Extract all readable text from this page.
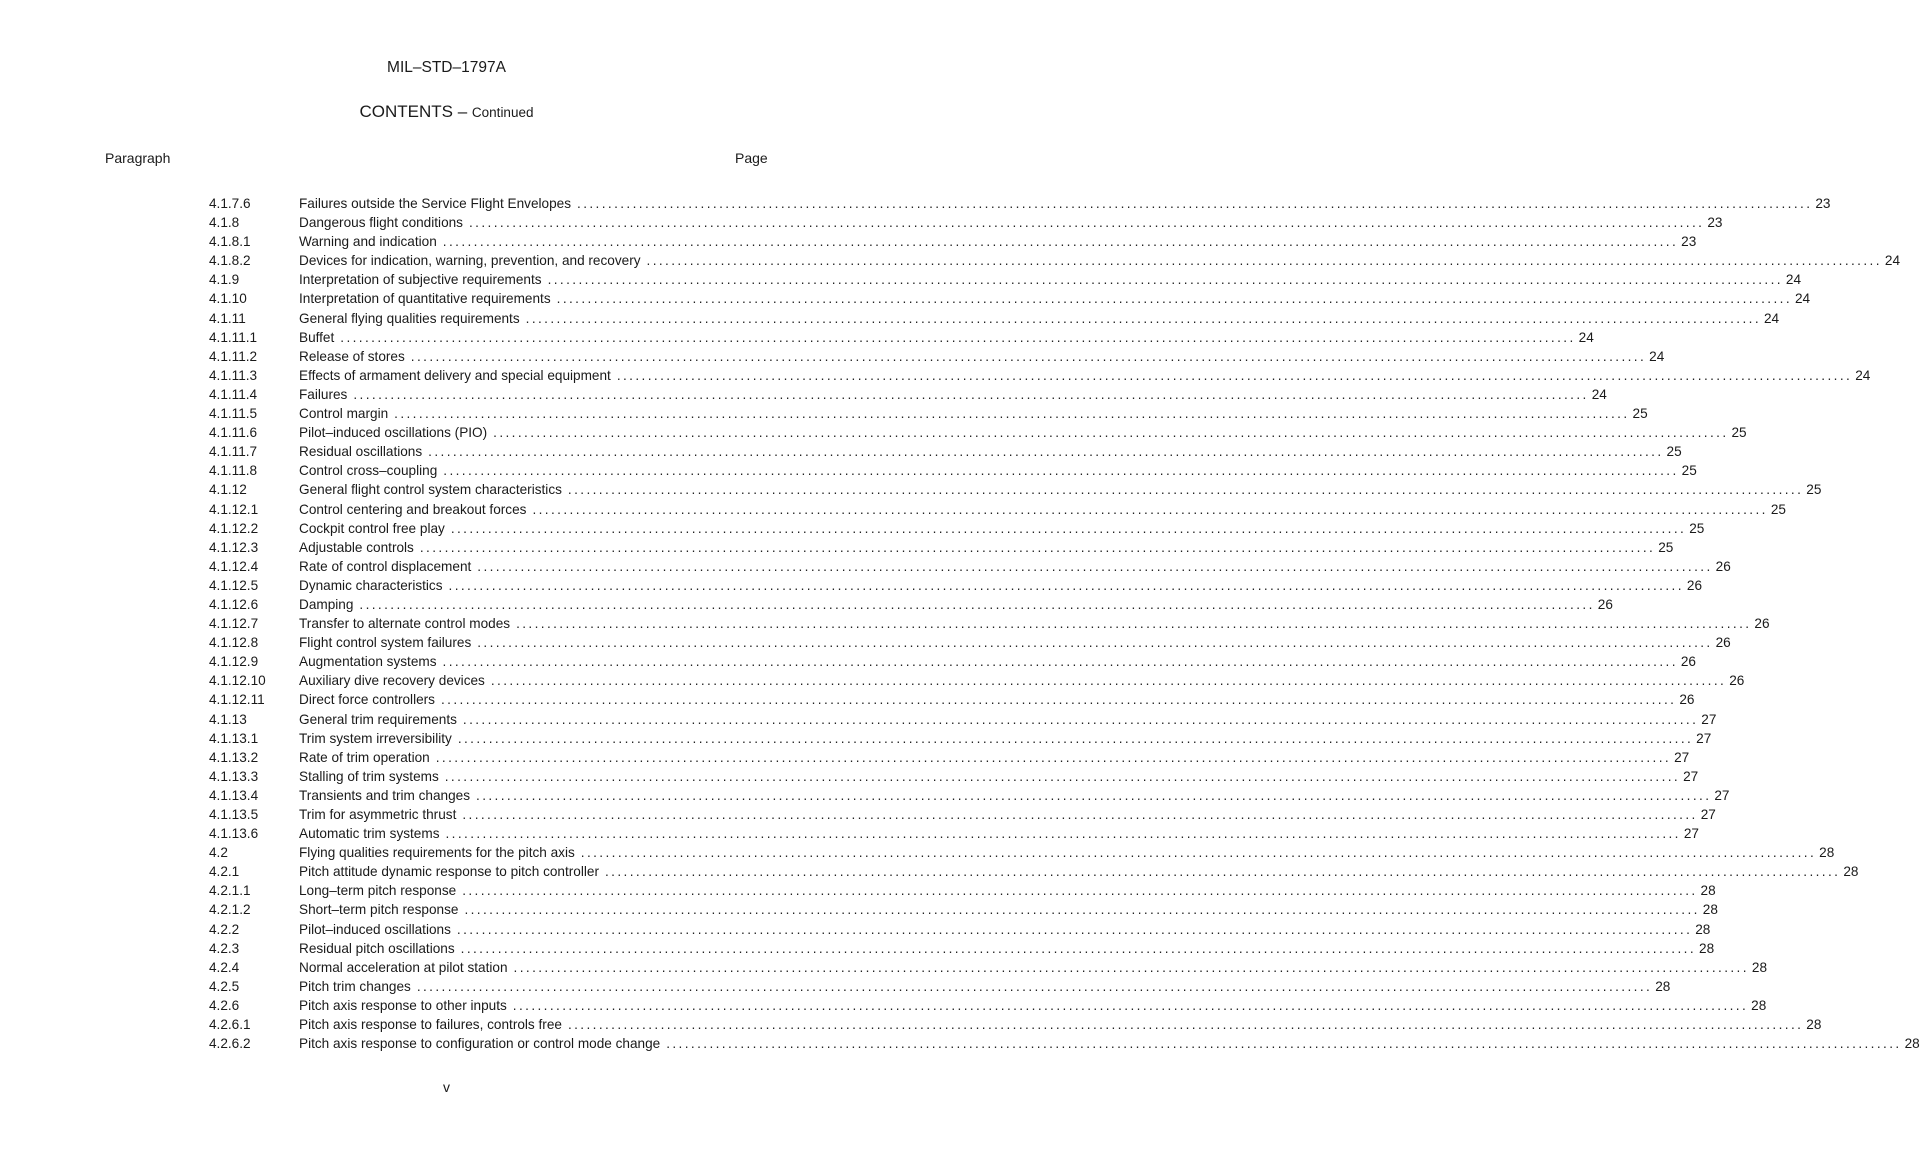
MIL–STD–1797A
CONTENTS – Continued
Paragraph	Page
4.1.7.6	Failures outside the Service Flight Envelopes ........................................................................................................................................................................................................ 23
4.1.8	Dangerous flight conditions ........................................................................................................................................................................................................ 23
4.1.8.1	Warning and indication ........................................................................................................................................................................................................ 23
4.1.8.2	Devices for indication, warning, prevention, and recovery ........................................................................................................................................................................................................ 24
4.1.9	Interpretation of subjective requirements ........................................................................................................................................................................................................ 24
4.1.10	Interpretation of quantitative requirements ........................................................................................................................................................................................................ 24
4.1.11	General flying qualities requirements ........................................................................................................................................................................................................ 24
4.1.11.1	Buffet ........................................................................................................................................................................................................ 24
4.1.11.2	Release of stores ........................................................................................................................................................................................................ 24
4.1.11.3	Effects of armament delivery and special equipment ........................................................................................................................................................................................................ 24
4.1.11.4	Failures ........................................................................................................................................................................................................ 24
4.1.11.5	Control margin ........................................................................................................................................................................................................ 25
4.1.11.6	Pilot–induced oscillations (PIO) ........................................................................................................................................................................................................ 25
4.1.11.7	Residual oscillations ........................................................................................................................................................................................................ 25
4.1.11.8	Control cross–coupling ........................................................................................................................................................................................................ 25
4.1.12	General flight control system characteristics ........................................................................................................................................................................................................ 25
4.1.12.1	Control centering and breakout forces ........................................................................................................................................................................................................ 25
4.1.12.2	Cockpit control free play ........................................................................................................................................................................................................ 25
4.1.12.3	Adjustable controls ........................................................................................................................................................................................................ 25
4.1.12.4	Rate of control displacement ........................................................................................................................................................................................................ 26
4.1.12.5	Dynamic characteristics ........................................................................................................................................................................................................ 26
4.1.12.6	Damping ........................................................................................................................................................................................................ 26
4.1.12.7	Transfer to alternate control modes ........................................................................................................................................................................................................ 26
4.1.12.8	Flight control system failures ........................................................................................................................................................................................................ 26
4.1.12.9	Augmentation systems ........................................................................................................................................................................................................ 26
4.1.12.10	Auxiliary dive recovery devices ........................................................................................................................................................................................................ 26
4.1.12.11	Direct force controllers ........................................................................................................................................................................................................ 26
4.1.13	General trim requirements ........................................................................................................................................................................................................ 27
4.1.13.1	Trim system irreversibility ........................................................................................................................................................................................................ 27
4.1.13.2	Rate of trim operation ........................................................................................................................................................................................................ 27
4.1.13.3	Stalling of trim systems ........................................................................................................................................................................................................ 27
4.1.13.4	Transients and trim changes ........................................................................................................................................................................................................ 27
4.1.13.5	Trim for asymmetric thrust ........................................................................................................................................................................................................ 27
4.1.13.6	Automatic trim systems ........................................................................................................................................................................................................ 27
4.2	Flying qualities requirements for the pitch axis ........................................................................................................................................................................................................ 28
4.2.1	Pitch attitude dynamic response to pitch controller ........................................................................................................................................................................................................ 28
4.2.1.1	Long–term pitch response ........................................................................................................................................................................................................ 28
4.2.1.2	Short–term pitch response ........................................................................................................................................................................................................ 28
4.2.2	Pilot–induced oscillations ........................................................................................................................................................................................................ 28
4.2.3	Residual pitch oscillations ........................................................................................................................................................................................................ 28
4.2.4	Normal acceleration at pilot station ........................................................................................................................................................................................................ 28
4.2.5	Pitch trim changes ........................................................................................................................................................................................................ 28
4.2.6	Pitch axis response to other inputs ........................................................................................................................................................................................................ 28
4.2.6.1	Pitch axis response to failures, controls free ........................................................................................................................................................................................................ 28
4.2.6.2	Pitch axis response to configuration or control mode change ........................................................................................................................................................................................................ 28
v
